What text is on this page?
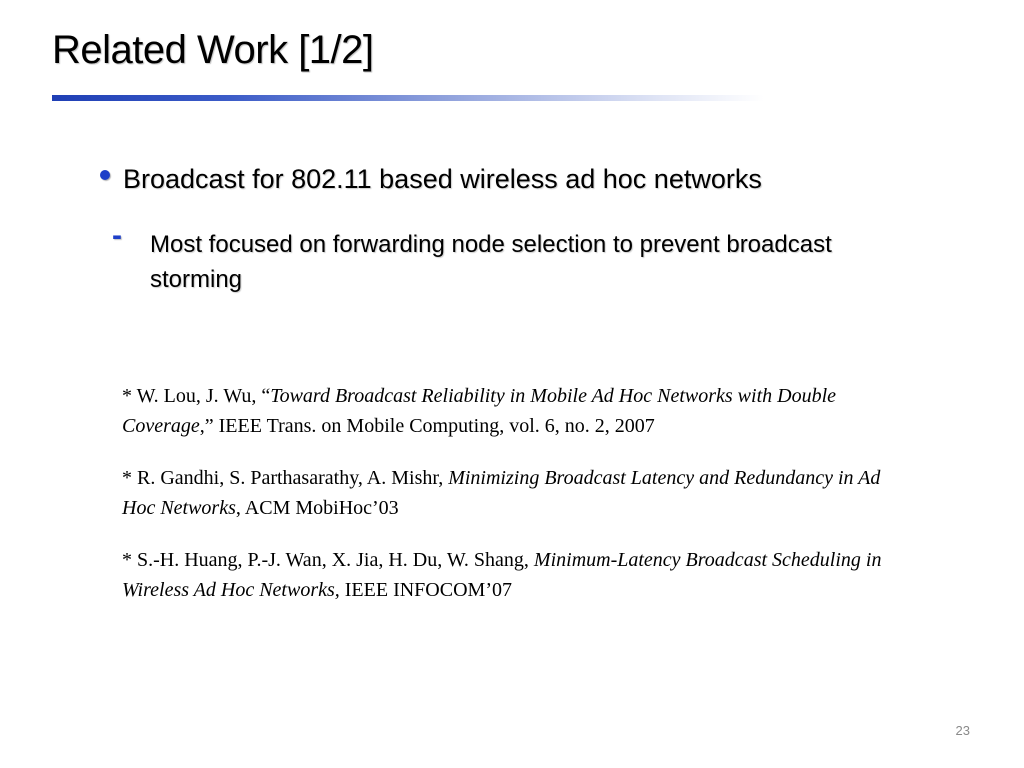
Related Work [1/2]
Broadcast for 802.11 based wireless ad hoc networks
-	Most focused on forwarding node selection to prevent broadcast storming

* W. Lou, J. Wu, “Toward Broadcast Reliability in Mobile Ad Hoc Networks with Double Coverage,” IEEE Trans. on Mobile Computing, vol. 6, no. 2, 2007

* R. Gandhi, S. Parthasarathy, A. Mishr, Minimizing Broadcast Latency and Redundancy in Ad Hoc Networks, ACM MobiHoc’03

* S.-H. Huang, P.-J. Wan, X. Jia, H. Du, W. Shang, Minimum-Latency Broadcast Scheduling in Wireless Ad Hoc Networks, IEEE INFOCOM’07

23
